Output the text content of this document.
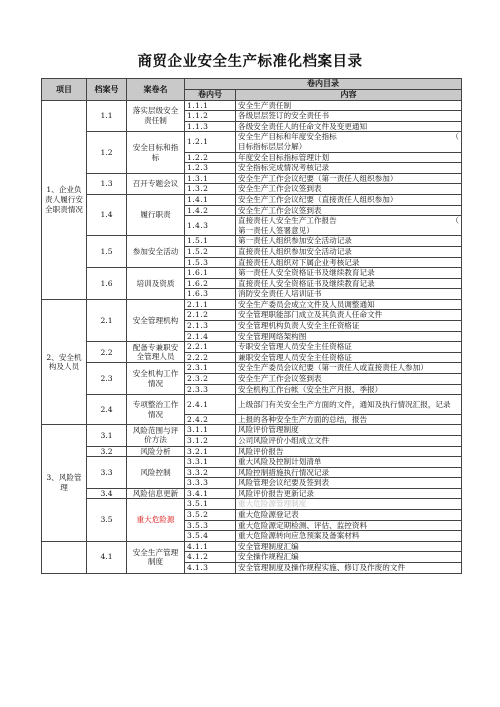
商贸企业安全生产标准化档案目录
项目	档案号	案卷名	卷内目录	
			卷内号	内容
1、企业负责人履行安全职责情况	1.1	落实层级安全责任制	1.1.1	安全生产责任制
			1.1.2	各级层层签订的安全责任书
			1.1.3	各级安全责任人的任命文件及变更通知
	1.2	安全目标和指标	1.2.1	安全生产目标和年度安全指标 （
目标指标层层分解）

			1.2.2	年度安全目标指标管理计划
			1.2.3	安全指标完成情况考核记录
	1.3	召开专题会议	1.3.1	安全生产工作会议纪要（第一责任人组织参加）
			1.3.2	安全生产工作会议签到表
	1.4	履行职责	1.4.1	安全生产工作会议纪要（直接责任人组织参加）
			1.4.2	安全生产工作会议签到表
			1.4.3	直接责任人安全生产工作报告 （
第一责任人签署意见）

	1.5	参加安全活动	1.5.1	第一责任人组织参加安全活动记录
			1.5.2	直接责任人组织参加安全活动记录
			1.5.3	直接责任人组织对下属企业考核记录
	1.6	培训及资质	1.6.1	第一责任人安全资格证书及继续教育记录
			1.6.2	直接责任人安全资格证书及继续教育记录
			1.6.3	消防安全责任人培训证书
2、安全机构及人员	2.1	安全管理机构	2.1.1	安全生产委员会成立文件及人员调整通知
			2.1.2	安全管理职能部门成立及其负责人任命文件
			2.1.3	安全管理机构负责人安全主任资格证
			2.1.4	安全管理网络架构图
	2.2	配备专兼职安全管理人员	2.2.1	专职安全管理人员安全主任资格证
			2.2.2	兼职安全管理人员安全主任资格证
	2.3	安全机构工作情况	2.3.1	安全生产委员会议纪要（第一责任人或直接责任人参加）
			2.3.2	安全生产工作会议签到表
			2.3.3	安全机构工作台帐（安全生产月报、季报）
	2.4	专项整治工作情况	2.4.1	上级部门有关安全生产方面的文件，通知及执行情况汇报，记录
			2.4.2	上报的各种安全生产方面的总结，报告
3、风险管理	3.1	风险范围与评价方法	3.1.1	风险评价管理制度
			3.1.2	公司风险评价小组成立文件
	3.2	风险分析	3.2.1	风险评价报告
	3.3	风险控制	3.3.1	重大风险及控制计划清单
			3.3.2	风险控制措施执行情况记录
			3.3.3	风险管理会议纪要及签到表
	3.4	风险信息更新	3.4.1	风险评价报告更新记录
	3.5	重大危险源	3.5.1	重大危险源管理制度
			3.5.2	重大危险源登记表
			3.5.3	重大危险源定期检测、评估、监控资料
			3.5.4	重大危险源转向应急预案及备案材料
	4.1	安全生产管理制度	4.1.1	安全管理制度汇编
			4.1.2	安全操作规程汇编
			4.1.3	安全管理制度及操作规程实施、修订及作废的文件
